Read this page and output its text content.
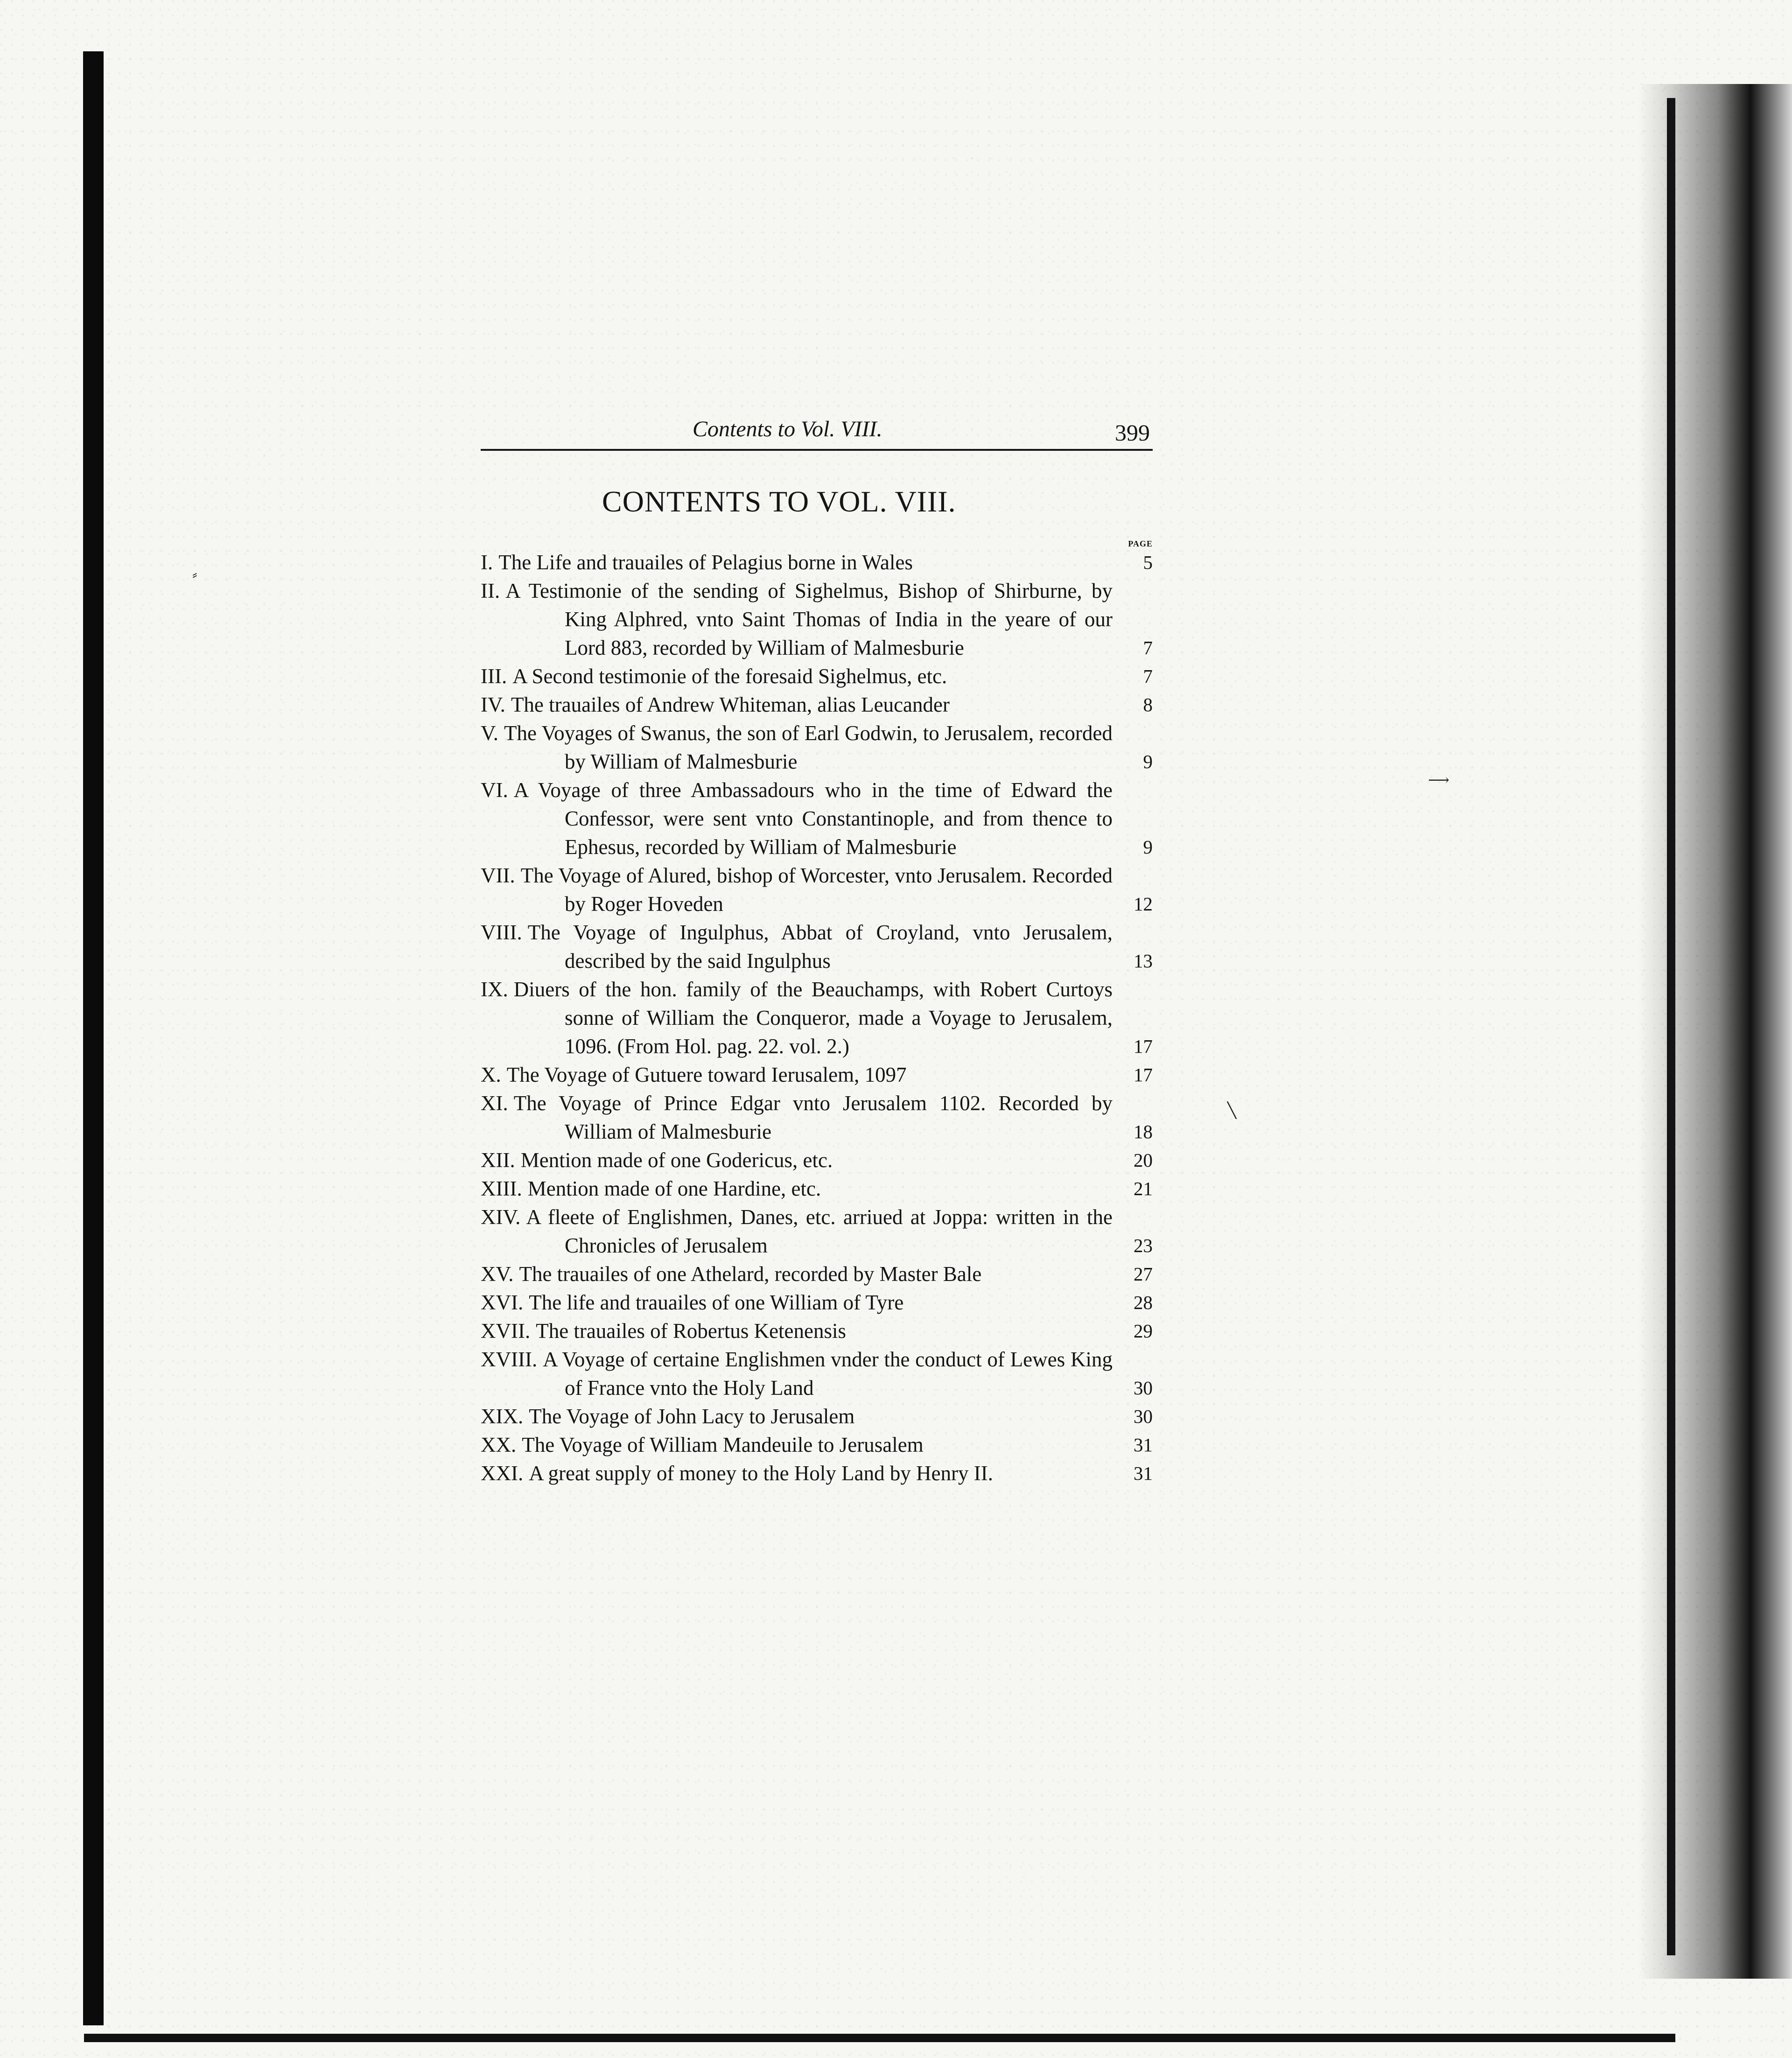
⸗
⟶
╲
Contents to Vol. VIII.	399
CONTENTS TO VOL. VIII.
PAGE
I. The Life and trauailes of Pelagius borne in Wales	5
II. A Testimonie of the sending of Sighelmus, Bishop of Shirburne, by King Alphred, vnto Saint Thomas of India in the yeare of our Lord 883, recorded by William of Malmesburie	7
III. A Second testimonie of the foresaid Sighelmus, etc.	7
IV. The trauailes of Andrew Whiteman, alias Leucander	8
V. The Voyages of Swanus, the son of Earl Godwin, to Jerusalem, recorded by William of Malmesburie	9
VI. A Voyage of three Ambassadours who in the time of Edward the Confessor, were sent vnto Constantinople, and from thence to Ephesus, recorded by William of Malmesburie	9
VII. The Voyage of Alured, bishop of Worcester, vnto Jerusalem. Recorded by Roger Hoveden	12
VIII. The Voyage of Ingulphus, Abbat of Croyland, vnto Jerusalem, described by the said Ingulphus	13
IX. Diuers of the hon. family of the Beauchamps, with Robert Curtoys sonne of William the Conqueror, made a Voyage to Jerusalem, 1096. (From Hol. pag. 22. vol. 2.)	17
X. The Voyage of Gutuere toward Ierusalem, 1097	17
XI. The Voyage of Prince Edgar vnto Jerusalem 1102. Recorded by William of Malmesburie	18
XII. Mention made of one Godericus, etc.	20
XIII. Mention made of one Hardine, etc.	21
XIV. A fleete of Englishmen, Danes, etc. arriued at Joppa: written in the Chronicles of Jerusalem	23
XV. The trauailes of one Athelard, recorded by Master Bale	27
XVI. The life and trauailes of one William of Tyre	28
XVII. The trauailes of Robertus Ketenensis	29
XVIII. A Voyage of certaine Englishmen vnder the conduct of Lewes King of France vnto the Holy Land	30
XIX. The Voyage of John Lacy to Jerusalem	30
XX. The Voyage of William Mandeuile to Jerusalem	31
XXI. A great supply of money to the Holy Land by Henry II.	31
